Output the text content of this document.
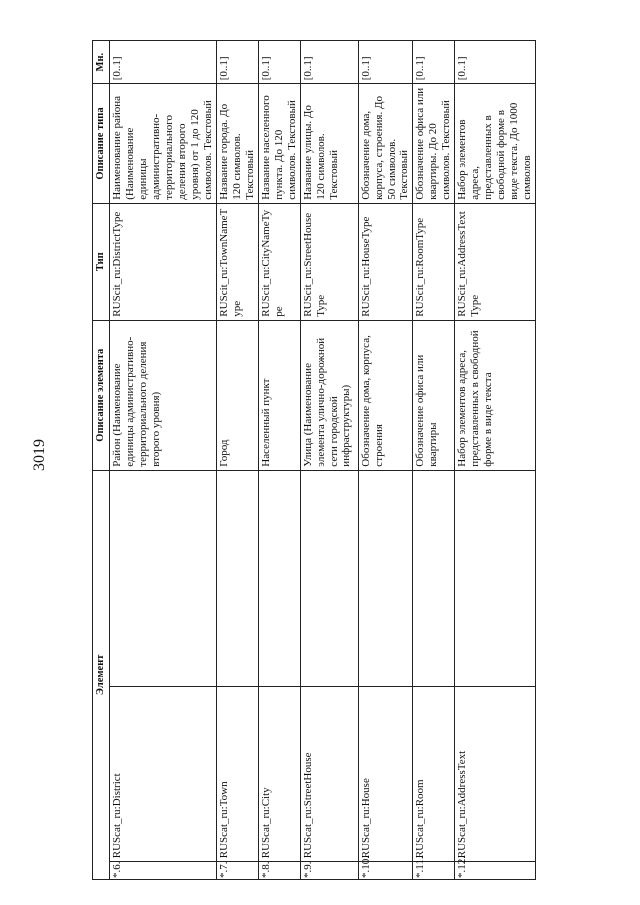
3019
Элемент			Описание элемента	Тип	Описание типа	Мн.
*.6.	RUScat_ru:District		Район (Наименование единицы административно-территориального деления второго уровня)	RUScit_ru:DistrictType	Наименование района (Наименование единицы административно-территориального деления второго уровня) от 1 до 120 символов. Текстовый	[0..1]
*.7.	RUScat_ru:Town		Город	RUScit_ru:TownNameType	Название города. До 120 символов. Текстовый	[0..1]
*.8.	RUScat_ru:City		Населенный пункт	RUScit_ru:CityNameType	Название населенного пункта. До 120 символов. Текстовый	[0..1]
*.9.	RUScat_ru:StreetHouse		Улица (Наименование элемента улично-дорожной сети городской инфраструктуры)	RUScit_ru:StreetHouseType	Название улицы. До 120 символов. Текстовый	[0..1]
*.10.	RUScat_ru:House		Обозначение дома, корпуса, строения	RUScit_ru:HouseType	Обозначение дома, корпуса, строения. До 50 символов. Текстовый	[0..1]
*.11.	RUScat_ru:Room		Обозначение офиса или квартиры	RUScit_ru:RoomType	Обозначение офиса или квартиры. До 20 символов. Текстовый	[0..1]
*.12.	RUScat_ru:AddressText		Набор элементов адреса, представленных в свободной форме в виде текста	RUScit_ru:AddressTextType	Набор элементов адреса, представленных в свободной форме в виде текста. До 1000 символов	[0..1]
